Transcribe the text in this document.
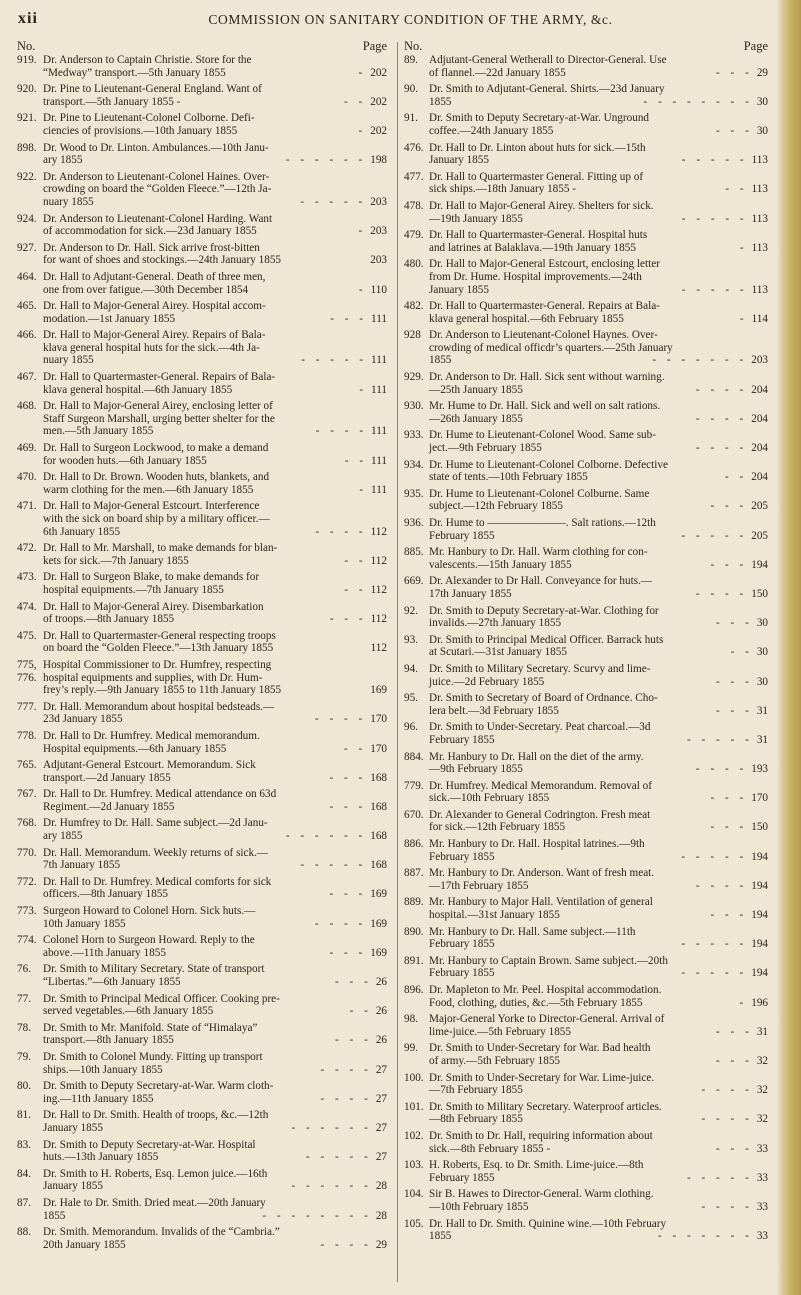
xii	COMMISSION ON SANITARY CONDITION OF THE ARMY, &c.
No.	Page
919. Dr. Anderson to Captain Christie. Store for the
“Medway” transport.—5th January 1855	- 202
920. Dr. Pine to Lieutenant-General England. Want of
transport.—5th January 1855 -	- - 202
921. Dr. Pine to Lieutenant-Colonel Colborne. Defi-
ciencies of provisions.—10th January 1855	- 202
898. Dr. Wood to Dr. Linton. Ambulances.—10th Janu-
ary 1855	- - - - - - 198
922. Dr. Anderson to Lieutenant-Colonel Haines. Over-
crowding on board the “Golden Fleece.”—12th Ja-
nuary 1855	- - - - - 203
924. Dr. Anderson to Lieutenant-Colonel Harding. Want
of accommodation for sick.—23d January 1855	- 203
927. Dr. Anderson to Dr. Hall. Sick arrive frost-bitten
for want of shoes and stockings.—24th January 1855	203
464. Dr. Hall to Adjutant-General. Death of three men,
one from over fatigue.—30th December 1854	- 110
465. Dr. Hall to Major-General Airey. Hospital accom-
modation.—1st January 1855	- - - 111
466. Dr. Hall to Major-General Airey. Repairs of Bala-
klava general hospital huts for the sick.—4th Ja-
nuary 1855	- - - - - 111
467. Dr. Hall to Quartermaster-General. Repairs of Bala-
klava general hospital.—6th January 1855	- 111
468. Dr. Hall to Major-General Airey, enclosing letter of
Staff Surgeon Marshall, urging better shelter for the
men.—5th January 1855	- - - - 111
469. Dr. Hall to Surgeon Lockwood, to make a demand
for wooden huts.—6th January 1855	- - 111
470. Dr. Hall to Dr. Brown. Wooden huts, blankets, and
warm clothing for the men.—6th January 1855	- 111
471. Dr. Hall to Major-General Estcourt. Interference
with the sick on board ship by a military officer.—
6th January 1855	- - - - 112
472. Dr. Hall to Mr. Marshall, to make demands for blan-
kets for sick.—7th January 1855	- - 112
473. Dr. Hall to Surgeon Blake, to make demands for
hospital equipments.—7th January 1855	- - 112
474. Dr. Hall to Major-General Airey. Disembarkation
of troops.—8th January 1855	- - - 112
475. Dr. Hall to Quartermaster-General respecting troops
on board the “Golden Fleece.”—13th January 1855	112
775, 776.
Hospital Commissioner to Dr. Humfrey, respecting
hospital equipments and supplies, with Dr. Hum-
frey’s reply.—9th January 1855 to 11th January 1855	169
777. Dr. Hall. Memorandum about hospital bedsteads.—
23d January 1855	- - - - 170
778. Dr. Hall to Dr. Humfrey. Medical memorandum.
Hospital equipments.—6th January 1855	- - 170
765. Adjutant-General Estcourt. Memorandum. Sick
transport.—2d January 1855	- - - 168
767. Dr. Hall to Dr. Humfrey. Medical attendance on 63d
Regiment.—2d January 1855	- - - 168
768. Dr. Humfrey to Dr. Hall. Same subject.—2d Janu-
ary 1855	- - - - - - 168
770. Dr. Hall. Memorandum. Weekly returns of sick.—
7th January 1855	- - - - - 168
772. Dr. Hall to Dr. Humfrey. Medical comforts for sick
officers.—8th January 1855	- - - 169
773. Surgeon Howard to Colonel Horn. Sick huts.—
10th January 1855	- - - - 169
774. Colonel Horn to Surgeon Howard. Reply to the
above.—11th January 1855	- - - 169
76.	Dr. Smith to Military Secretary. State of transport
“Libertas.”—6th January 1855	- - - 26
77.	Dr. Smith to Principal Medical Officer. Cooking pre-
served vegetables.—6th January 1855	- - 26
78.	Dr. Smith to Mr. Manifold. State of “Himalaya”
transport.—8th January 1855	- - - 26
79.	Dr. Smith to Colonel Mundy. Fitting up transport
ships.—10th January 1855	- - - - 27
80.	Dr. Smith to Deputy Secretary-at-War. Warm cloth-
ing.—11th January 1855	- - - - 27
81.	Dr. Hall to Dr. Smith. Health of troops, &c.—12th
January 1855	- - - - - - 27
83.	Dr. Smith to Deputy Secretary-at-War. Hospital
huts.—13th January 1855	- - - - - 27
84.	Dr. Smith to H. Roberts, Esq. Lemon juice.—16th
January 1855	- - - - - - 28
87.	Dr. Hale to Dr. Smith. Dried meat.—20th January
1855	- - - - - - - - 28
88.	Dr. Smith. Memorandum. Invalids of the “Cambria.”
20th January 1855	- - - - 29
No.	Page
89. Adjutant-General Wetherall to Director-General. Use
of flannel.—22d January 1855	- - - 29
90. Dr. Smith to Adjutant-General. Shirts.—23d January
1855	- - - - - - - - 30
91. Dr. Smith to Deputy Secretary-at-War. Unground
coffee.—24th January 1855	- - - 30
476. Dr. Hall to Dr. Linton about huts for sick.—15th
January 1855	- - - - - 113
477. Dr. Hall to Quartermaster General. Fitting up of
sick ships.—18th January 1855 -	- - 113
478. Dr. Hall to Major-General Airey. Shelters for sick.
—19th January 1855	- - - - - 113
479. Dr. Hall to Quartermaster-General. Hospital huts
and latrines at Balaklava.—19th January 1855	- 113
480. Dr. Hall to Major-General Estcourt, enclosing letter
from Dr. Hume. Hospital improvements.—24th
January 1855	- - - - - 113
482. Dr. Hall to Quartermaster-General. Repairs at Bala-
klava general hospital.—6th February 1855	- 114
928 Dr. Anderson to Lieutenant-Colonel Haynes. Over-
crowding of medical officdr’s quarters.—25th January
1855	- - - - - - - 203
929. Dr. Anderson to Dr. Hall. Sick sent without warning.
—25th January 1855	- - - - 204
930. Mr. Hume to Dr. Hall. Sick and well on salt rations.
—26th January 1855	- - - - 204
933. Dr. Hume to Lieutenant-Colonel Wood. Same sub-
ject.—9th February 1855	- - - - 204
934. Dr. Hume to Lieutenant-Colonel Colborne. Defective
state of tents.—10th February 1855	- - 204
935. Dr. Hume to Lieutenant-Colonel Colburne. Same
subject.—12th February 1855	- - - 205
936. Dr. Hume to ———————. Salt rations.—12th
February 1855	- - - - - 205
885. Mr. Hanbury to Dr. Hall. Warm clothing for con-
valescents.—15th January 1855	- - - 194
669. Dr. Alexander to Dr Hall. Conveyance for huts.—
17th January 1855	- - - - 150
92. Dr. Smith to Deputy Secretary-at-War. Clothing for
invalids.—27th January 1855	- - - 30
93. Dr. Smith to Principal Medical Officer. Barrack huts
at Scutari.—31st January 1855	- - 30
94. Dr. Smith to Military Secretary. Scurvy and lime-
juice.—2d February 1855	- - - 30
95. Dr. Smith to Secretary of Board of Ordnance. Cho-
lera belt.—3d February 1855	- - - 31
96. Dr. Smith to Under-Secretary. Peat charcoal.—3d
February 1855	- - - - - 31
884. Mr. Hanbury to Dr. Hall on the diet of the army.
—9th February 1855	- - - - 193
779. Dr. Humfrey. Medical Memorandum. Removal of
sick.—10th February 1855	- - - 170
670. Dr. Alexander to General Codrington. Fresh meat
for sick.—12th February 1855	- - - 150
886. Mr. Hanbury to Dr. Hall. Hospital latrines.—9th
February 1855	- - - - - 194
887. Mr. Hanbury to Dr. Anderson. Want of fresh meat.
—17th February 1855	- - - - 194
889. Mr. Hanbury to Major Hall. Ventilation of general
hospital.—31st January 1855	- - - 194
890. Mr. Hanbury to Dr. Hall. Same subject.—11th
February 1855	- - - - - 194
891. Mr. Hanbury to Captain Brown. Same subject.—20th
February 1855	- - - - - 194
896. Dr. Mapleton to Mr. Peel. Hospital accommodation.
Food, clothing, duties, &c.—5th February 1855	- 196
98. Major-General Yorke to Director-General. Arrival of
lime-juice.—5th February 1855	- - - 31
99. Dr. Smith to Under-Secretary for War. Bad health
of army.—5th February 1855	- - - 32
100. Dr. Smith to Under-Secretary for War. Lime-juice.
—7th February 1855	- - - - 32
101. Dr. Smith to Military Secretary. Waterproof articles.
—8th February 1855	- - - - 32
102. Dr. Smith to Dr. Hall, requiring information about
sick.—8th February 1855 -	- - - 33
103. H. Roberts, Esq. to Dr. Smith. Lime-juice.—8th
February 1855	- - - - - 33
104. Sir B. Hawes to Director-General. Warm clothing.
—10th February 1855	- - - - 33
105. Dr. Hall to Dr. Smith. Quinine wine.—10th February
1855	- - - - - - - 33
